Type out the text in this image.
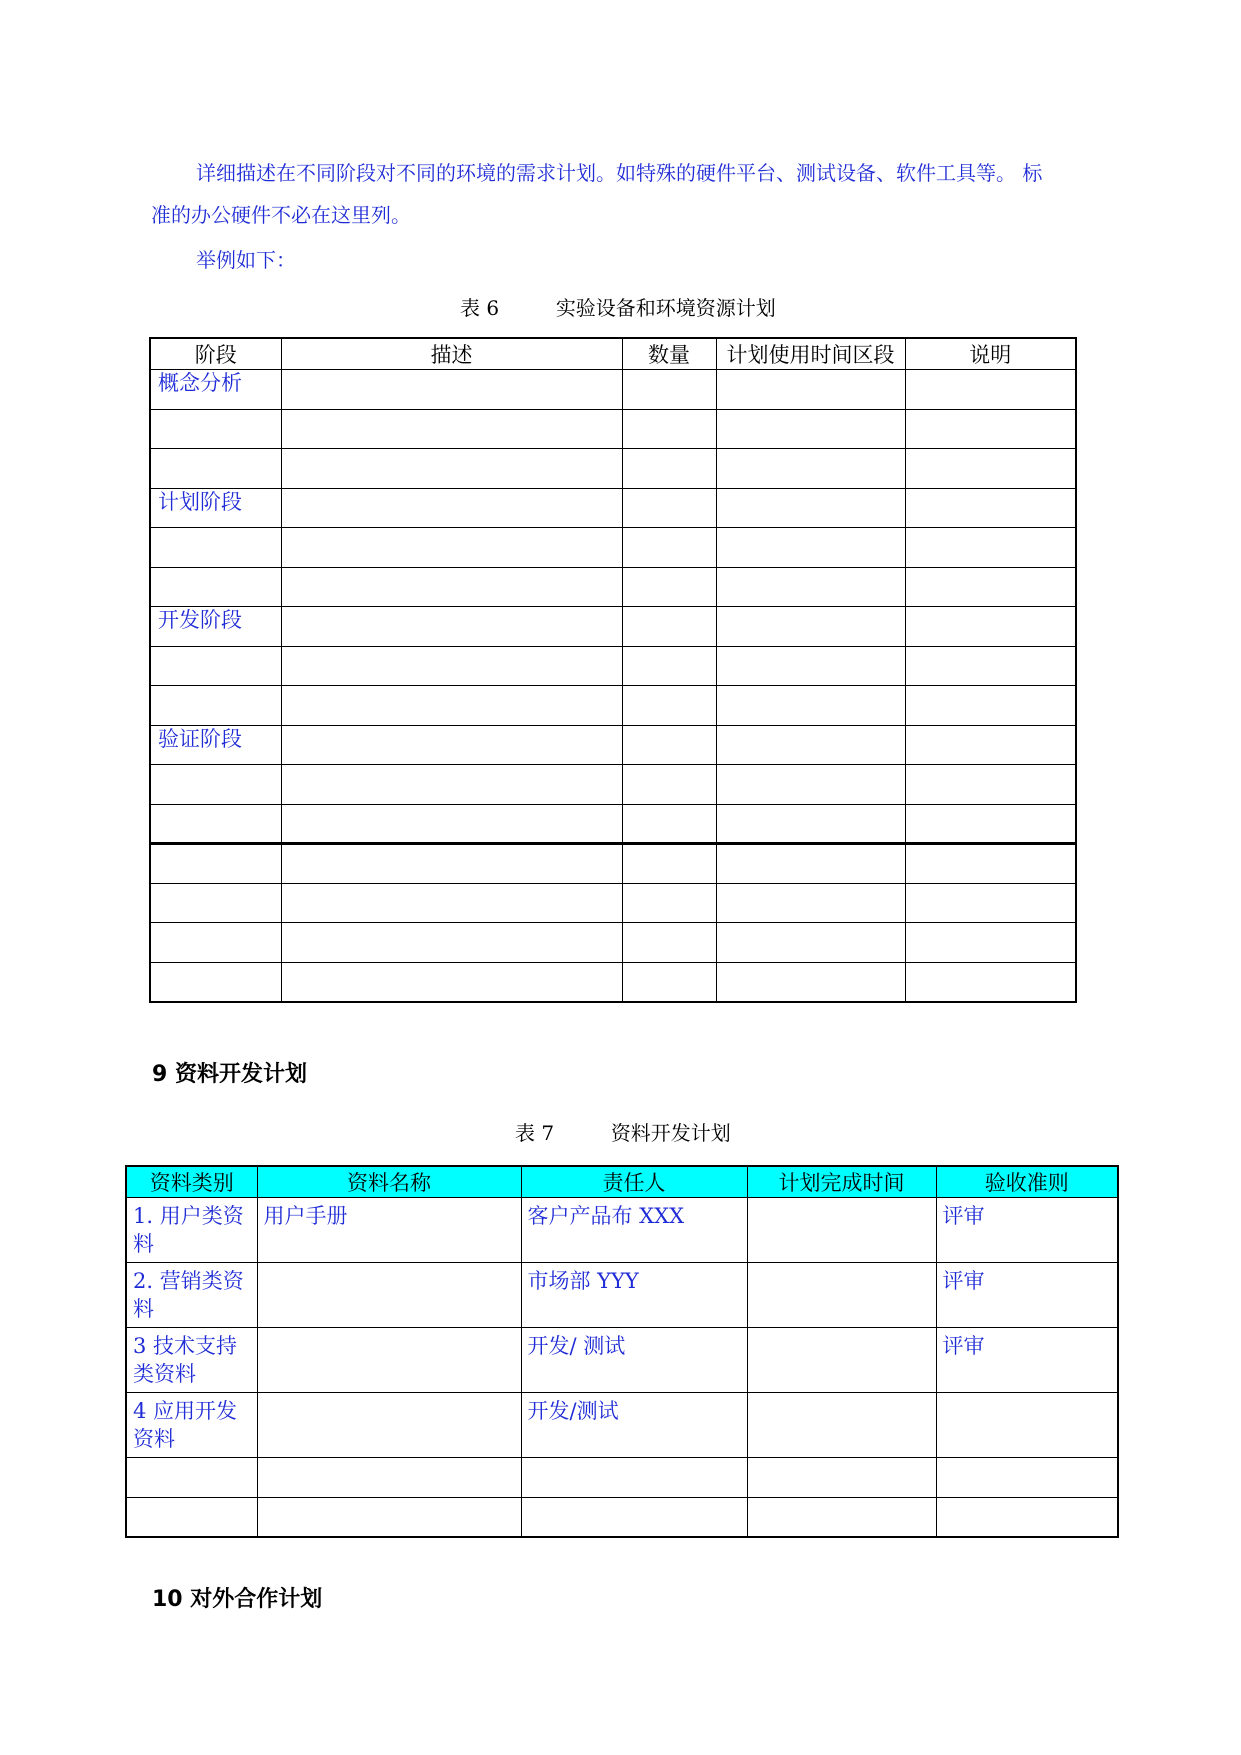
详细描述在不同阶段对不同的环境的需求计划。如特殊的硬件平台、测试设备、软件工具等。 标

准的办公硬件不必在这里列。

举例如下：

表 6	实验设备和环境资源计划
阶段	描述	数量	计划使用时间区段	说明
概念分析				

计划阶段				

开发阶段				

验证阶段				

9 资料开发计划
表 7	资料开发计划
资料类别	资料名称	责任人	计划完成时间	验收准则
1. 用户类资料	用户手册	客户产品布 XXX		评审
2. 营销类资料		市场部 YYY		评审
3 技术支持类资料		开发/ 测试		评审
4 应用开发资料		开发/测试		

10 对外合作计划
